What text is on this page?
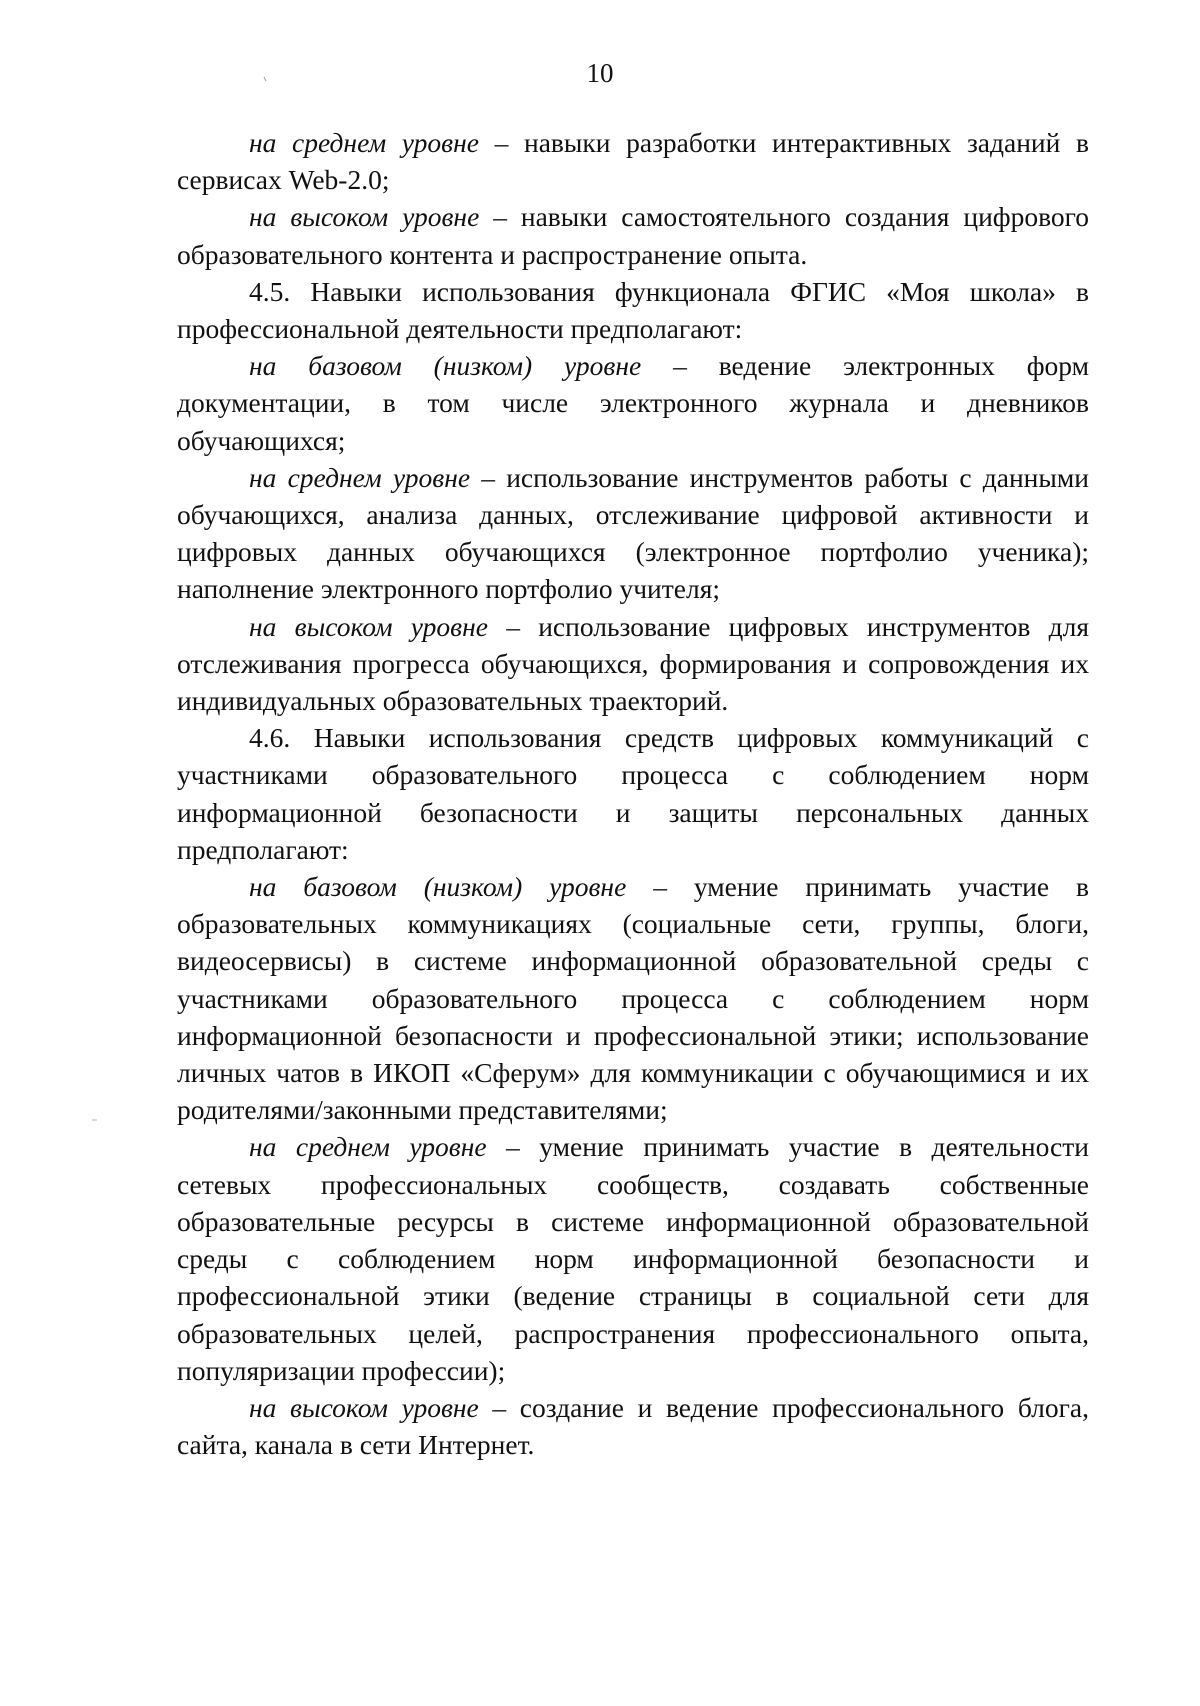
10

на среднем уровне – навыки разработки интерактивных заданий в сервисах Web-2.0;

на высоком уровне – навыки самостоятельного создания цифрового образовательного контента и распространение опыта.

4.5. Навыки использования функционала ФГИС «Моя школа» в профессиональной деятельности предполагают:

на базовом (низком) уровне – ведение электронных форм документации, в том числе электронного журнала и дневников обучающихся;

на среднем уровне – использование инструментов работы с данными обучающихся, анализа данных, отслеживание цифровой активности и цифровых данных обучающихся (электронное портфолио ученика); наполнение электронного портфолио учителя;

на высоком уровне – использование цифровых инструментов для отслеживания прогресса обучающихся, формирования и сопровождения их индивидуальных образовательных траекторий.

4.6. Навыки использования средств цифровых коммуникаций с участниками образовательного процесса с соблюдением норм информационной безопасности и защиты персональных данных предполагают:

на базовом (низком) уровне – умение принимать участие в образовательных коммуникациях (социальные сети, группы, блоги, видеосервисы) в системе информационной образовательной среды с участниками образовательного процесса с соблюдением норм информационной безопасности и профессиональной этики; использование личных чатов в ИКОП «Сферум» для коммуникации с обучающимися и их родителями/законными представителями;

на среднем уровне – умение принимать участие в деятельности сетевых профессиональных сообществ, создавать собственные образовательные ресурсы в системе информационной образовательной среды с соблюдением норм информационной безопасности и профессиональной этики (ведение страницы в социальной сети для образовательных целей, распространения профессионального опыта, популяризации профессии);

на высоком уровне – создание и ведение профессионального блога, сайта, канала в сети Интернет.
